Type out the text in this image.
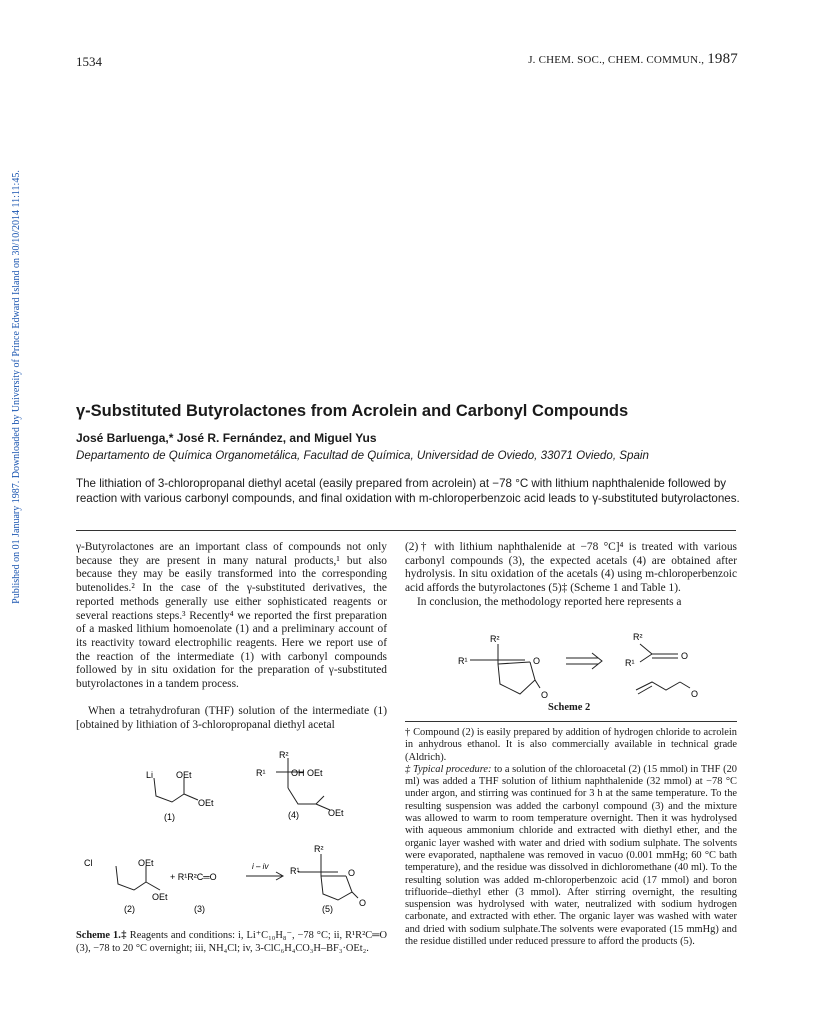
1534	J. CHEM. SOC., CHEM. COMMUN., 1987
Published on 01 January 1987. Downloaded by University of Prince Edward Island on 30/10/2014 11:11:45.	γ-Substituted Butyrolactones from Acrolein and Carbonyl Compounds
José Barluenga,* José R. Fernández, and Miguel Yus
Departamento de Química Organometálica, Facultad de Química, Universidad de Oviedo, 33071 Oviedo, Spain
The lithiation of 3-chloropropanal diethyl acetal (easily prepared from acrolein) at −78 °C with lithium naphthalenide followed by reaction with various carbonyl compounds, and final oxidation with m-chloroperbenzoic acid leads to γ-substituted butyrolactones.
γ-Butyrolactones are an important class of compounds not only because they are present in many natural products,¹ but also because they may be easily transformed into the corresponding butenolides.² In the case of the γ-substituted derivatives, the reported methods generally use either sophisticated reagents or several reactions steps.³ Recently⁴ we reported the first preparation of a masked lithium homoenolate (1) and a preliminary account of its reactivity toward electrophilic reagents. Here we report use of the reaction of the intermediate (1) with carbonyl compounds followed by in situ oxidation for the preparation of γ-substituted butyrolactones in a tandem process.
When a tetrahydrofuran (THF) solution of the intermediate (1) [obtained by lithiation of 3-chloropropanal diethyl acetal
(2)† with lithium naphthalenide at −78 °C]⁴ is treated with various carbonyl compounds (3), the expected acetals (4) are obtained after hydrolysis. In situ oxidation of the acetals (4) using m-chloroperbenzoic acid affords the butyrolactones (5)‡ (Scheme 1 and Table 1).
In conclusion, the methodology reported here represents a
R²
R¹	O
O
R²
R¹
O
O
Scheme 2

† Compound (2) is easily prepared by addition of hydrogen chloride to acrolein in anhydrous ethanol. It is also commercially available in technical grade (Aldrich).

‡ Typical procedure: to a solution of the chloroacetal (2) (15 mmol) in THF (20 ml) was added a THF solution of lithium naphthalenide (32 mmol) at −78 °C under argon, and stirring was continued for 3 h at the same temperature. To the resulting suspension was added the carbonyl compound (3) and the mixture was allowed to warm to room temperature overnight. Then it was hydrolysed with aqueous ammonium chloride and extracted with diethyl ether, and the organic layer washed with water and dried with sodium sulphate. The solvents were evaporated, napthalene was removed in vacuo (0.001 mmHg; 60 °C bath temperature), and the residue was dissolved in dichloromethane (40 ml). To the resulting solution was added m-chloroperbenzoic acid (17 mmol) and boron trifluoride–diethyl ether (3 mmol). After stirring overnight, the resulting suspension was hydrolysed with water, neutralized with sodium hydrogen carbonate, and extracted with ether. The organic layer was washed with water and dried with sodium sulphate.The solvents were evaporated (15 mmHg) and the residue distilled under reduced pressure to afford the products (5).

Li	OEt
OEt
(1)
R²
R¹	OH OEt
OEt
(4)
Cl	OEt
OEt
(2)
+ R¹R²C═O
(3)
i – iv
R²
R¹	O
O
(5)
Scheme 1.‡ Reagents and conditions: i, Li⁺C₁₀H₈⁻, −78 °C; ii, R¹R²C═O (3), −78 to 20 °C overnight; iii, NH₄Cl; iv, 3-ClC₆H₄CO₃H–BF₃·OEt₂.
